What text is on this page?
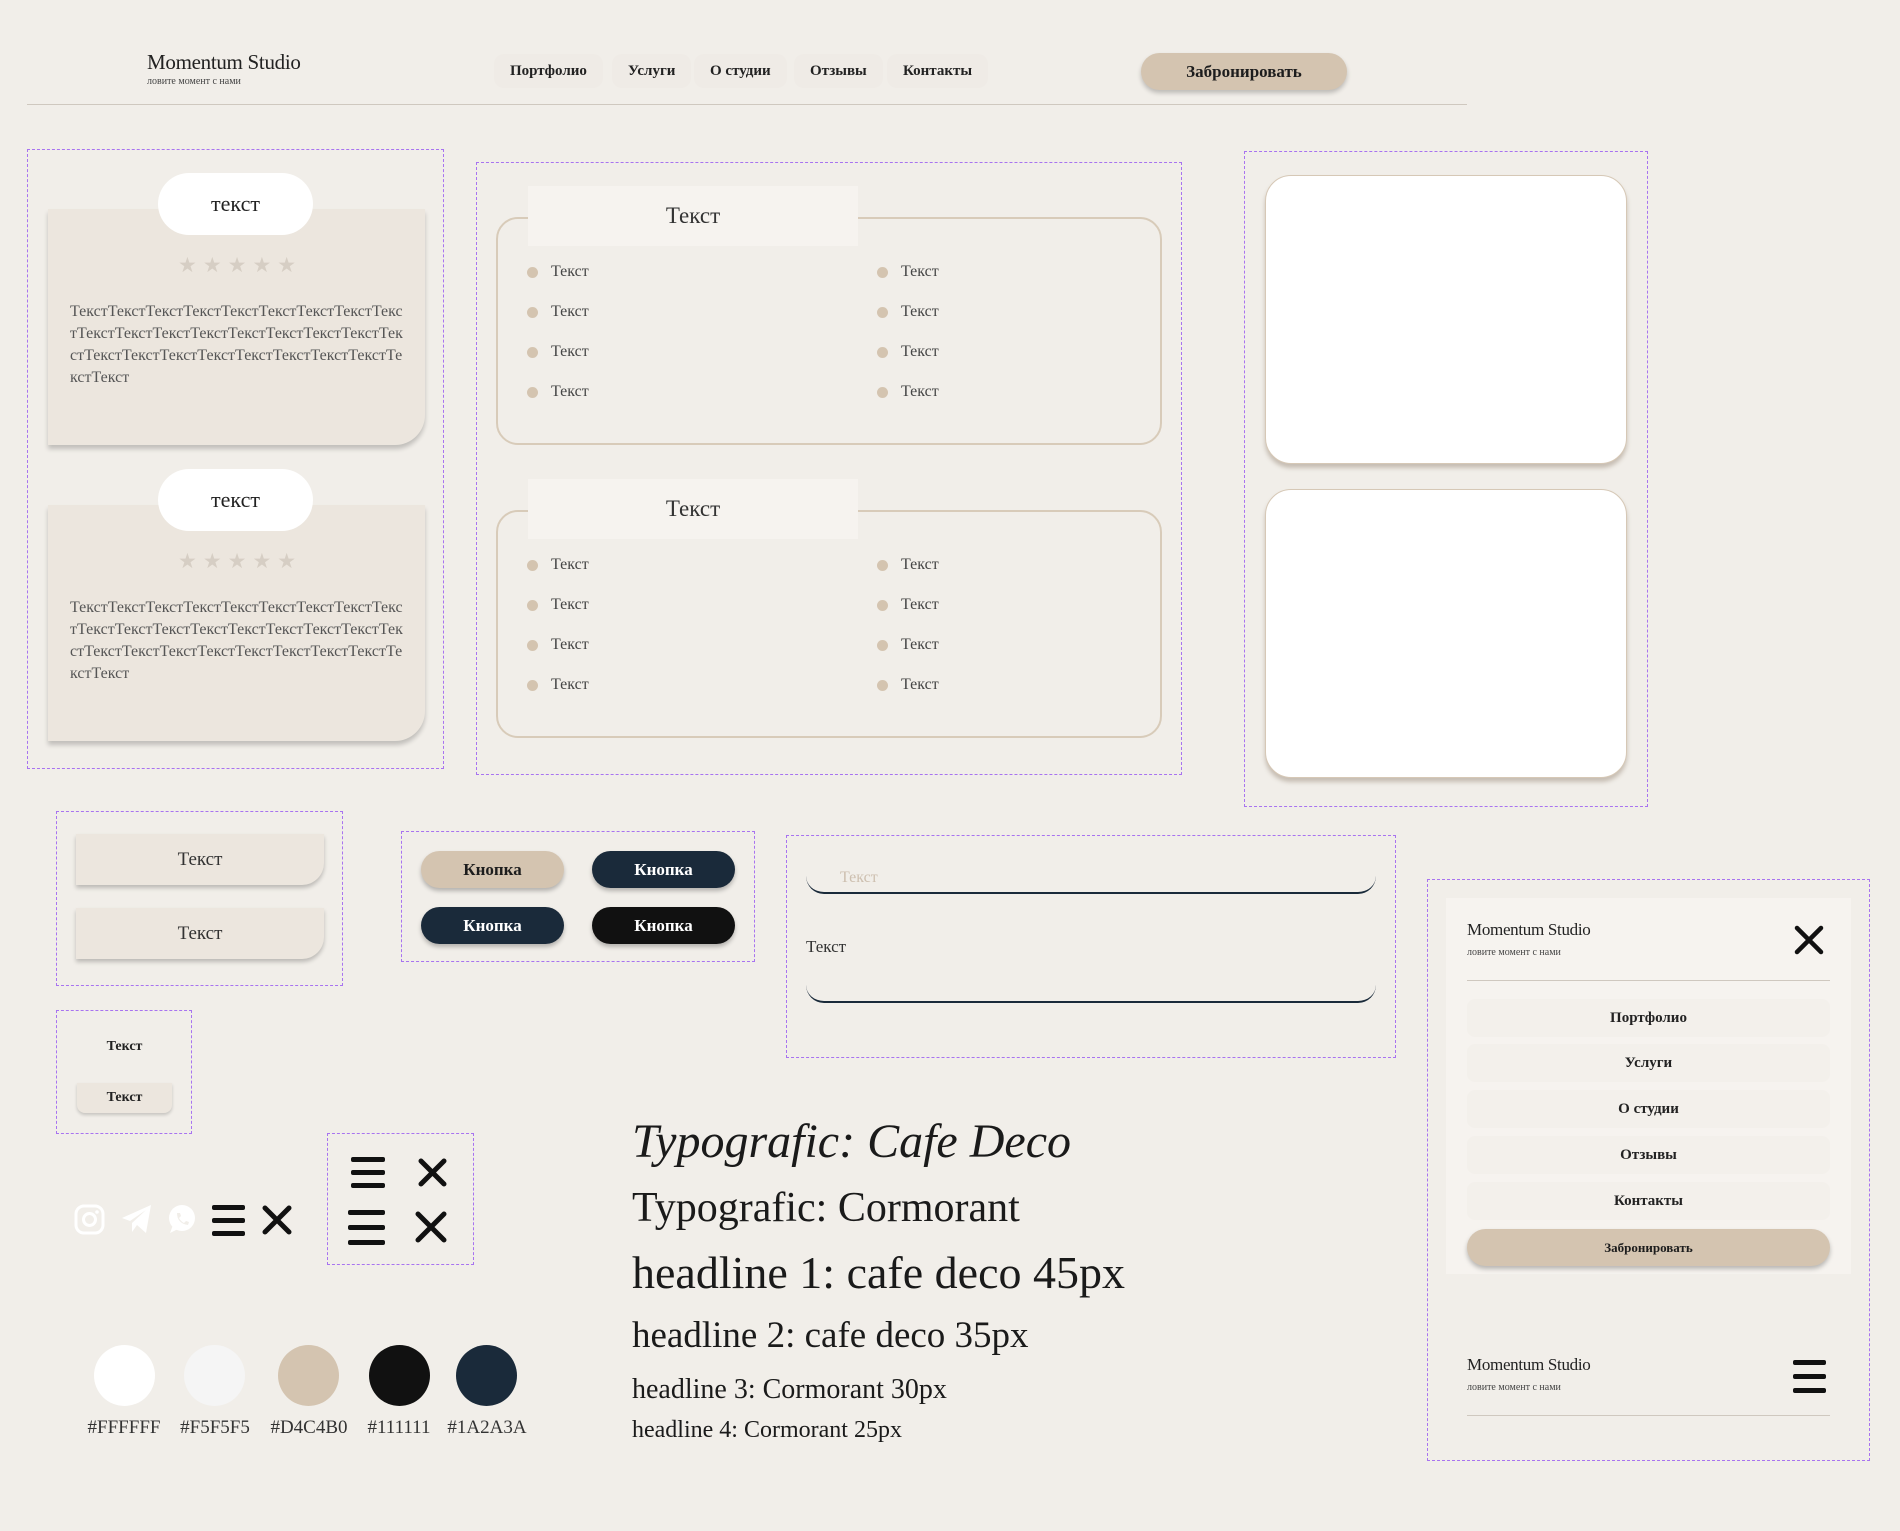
Momentum Studio
ловите момент с нами
Портфолио	Услуги	О студии	Отзывы	Контакты	Забронировать
текст
★★★★★
ТекстТекстТекстТекстТекстТекстТекстТекстТекстТекстТекстТекстТекстТекстТекстТекстТекстТекстТекстТекстТекстТекстТекстТекстТекстТекстТекстТекст
текст
★★★★★
ТекстТекстТекстТекстТекстТекстТекстТекстТекстТекстТекстТекстТекстТекстТекстТекстТекстТекстТекстТекстТекстТекстТекстТекстТекстТекстТекстТекст
Текст
Текст
Текст
Текст
Текст
Текст
Текст
Текст
Текст
Текст
Текст
Текст
Текст
Текст
Текст
Текст
Текст
Текст
Текст
Текст
Кнопка	Кнопка
Кнопка	Кнопка
Текст
Текст
Текст
Текст
Typografic: Cafe Deco
Typografic: Cormorant
headline 1: cafe deco 45px
headline 2: cafe deco 35px
headline 3: Cormorant 30px
headline 4: Cormorant 25px
#FFFFFF	#F5F5F5	#D4C4B0	#111111 #1A2A3A
Momentum Studio
ловите момент с нами
Портфолио
Услуги
О студии
Отзывы
Контакты
Забронировать
Momentum Studio
ловите момент с нами
